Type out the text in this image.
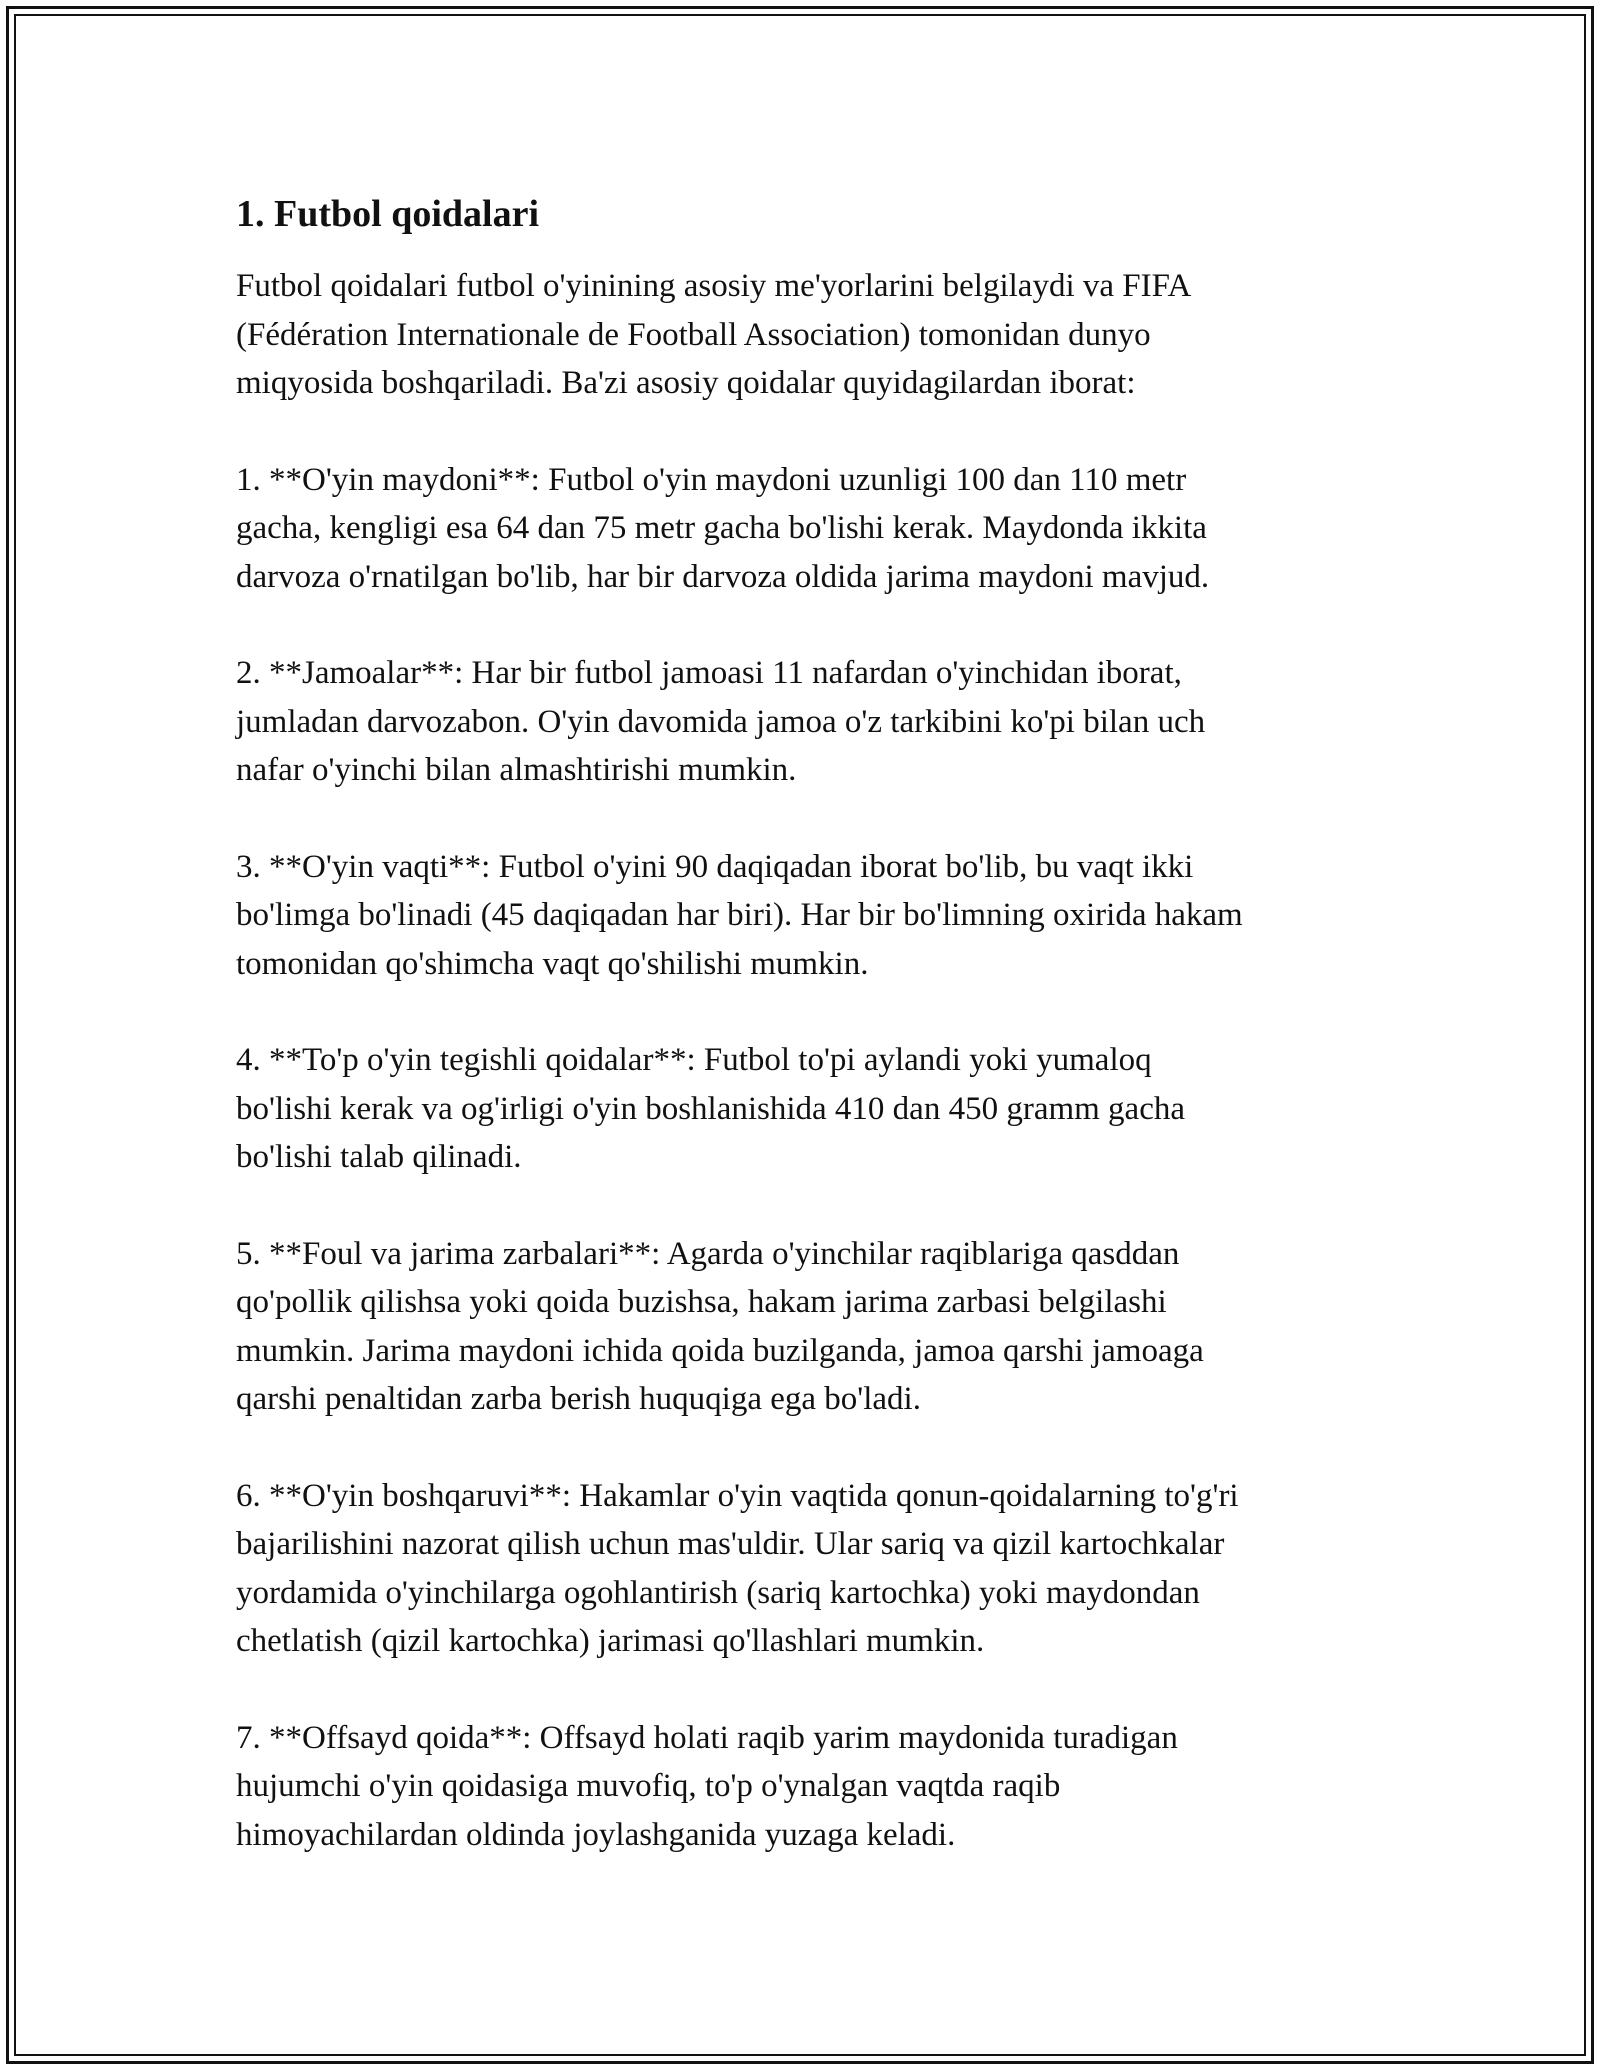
1. Futbol qoidalari

Futbol qoidalari futbol o'yinining asosiy me'yorlarini belgilaydi va FIFA
(Fédération Internationale de Football Association) tomonidan dunyo
miqyosida boshqariladi. Ba'zi asosiy qoidalar quyidagilardan iborat:

1. **O'yin maydoni**: Futbol o'yin maydoni uzunligi 100 dan 110 metr
gacha, kengligi esa 64 dan 75 metr gacha bo'lishi kerak. Maydonda ikkita
darvoza o'rnatilgan bo'lib, har bir darvoza oldida jarima maydoni mavjud.

2. **Jamoalar**: Har bir futbol jamoasi 11 nafardan o'yinchidan iborat,
jumladan darvozabon. O'yin davomida jamoa o'z tarkibini ko'pi bilan uch
nafar o'yinchi bilan almashtirishi mumkin.

3. **O'yin vaqti**: Futbol o'yini 90 daqiqadan iborat bo'lib, bu vaqt ikki
bo'limga bo'linadi (45 daqiqadan har biri). Har bir bo'limning oxirida hakam
tomonidan qo'shimcha vaqt qo'shilishi mumkin.

4. **To'p o'yin tegishli qoidalar**: Futbol to'pi aylandi yoki yumaloq
bo'lishi kerak va og'irligi o'yin boshlanishida 410 dan 450 gramm gacha
bo'lishi talab qilinadi.

5. **Foul va jarima zarbalari**: Agarda o'yinchilar raqiblariga qasddan
qo'pollik qilishsa yoki qoida buzishsa, hakam jarima zarbasi belgilashi
mumkin. Jarima maydoni ichida qoida buzilganda, jamoa qarshi jamoaga
qarshi penaltidan zarba berish huquqiga ega bo'ladi.

6. **O'yin boshqaruvi**: Hakamlar o'yin vaqtida qonun-qoidalarning to'g'ri
bajarilishini nazorat qilish uchun mas'uldir. Ular sariq va qizil kartochkalar
yordamida o'yinchilarga ogohlantirish (sariq kartochka) yoki maydondan
chetlatish (qizil kartochka) jarimasi qo'llashlari mumkin.

7. **Offsayd qoida**: Offsayd holati raqib yarim maydonida turadigan
hujumchi o'yin qoidasiga muvofiq, to'p o'ynalgan vaqtda raqib
himoyachilardan oldinda joylashganida yuzaga keladi.
